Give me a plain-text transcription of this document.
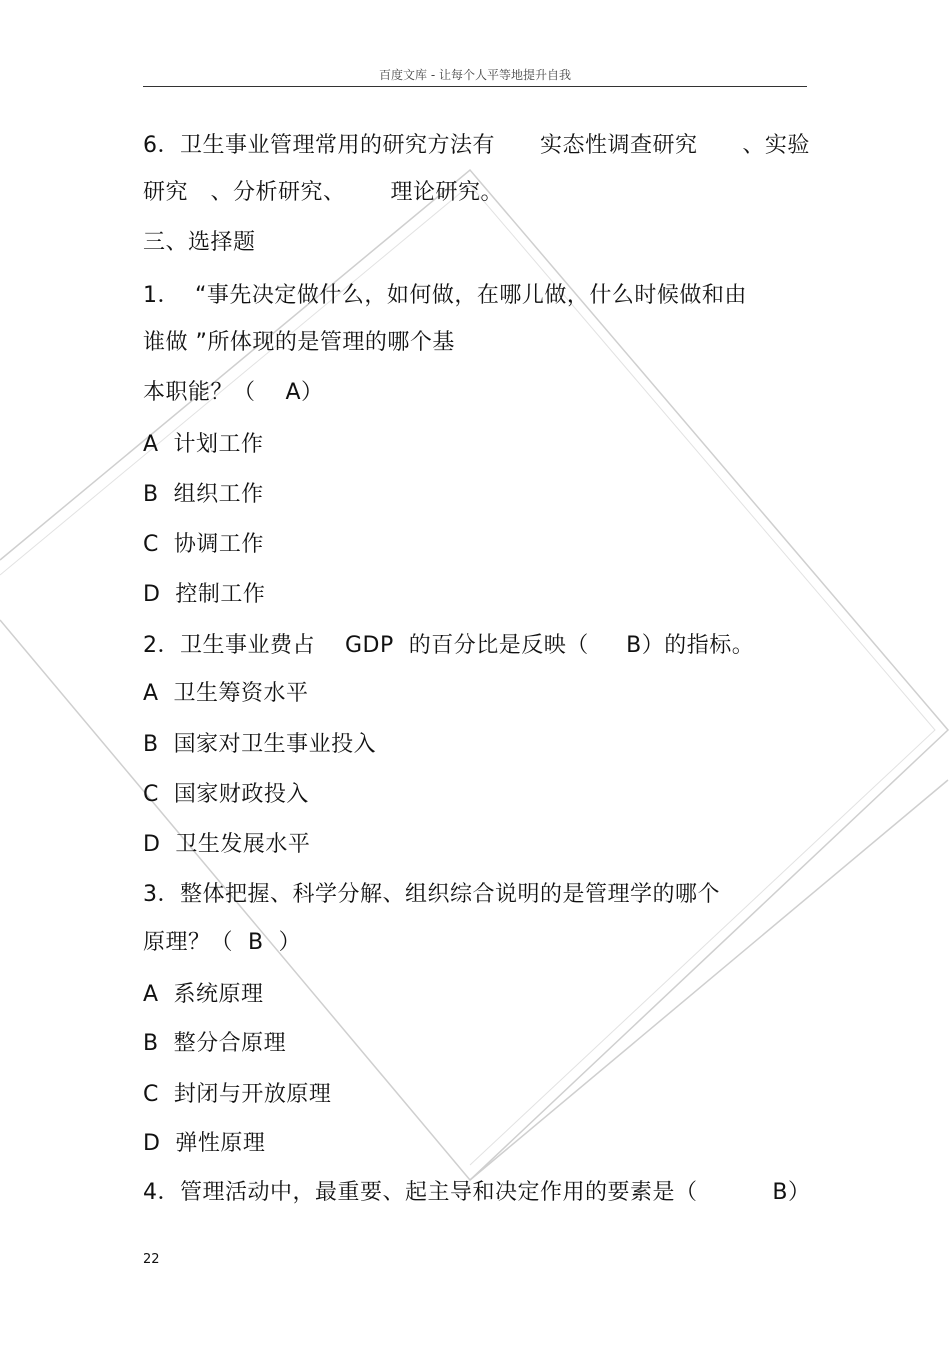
百度文库 - 让每个人平等地提升自我
6．卫生事业管理常用的研究方法有      实态性调查研究      、实验
研究   、分析研究、      理论研究。
三、选择题
1．  “事先决定做什么，如何做，在哪儿做，什么时候做和由
谁做 ”所体现的是管理的哪个基
本职能？（    A）
A  计划工作
B  组织工作
C  协调工作
D  控制工作
2．卫生事业费占    GDP  的百分比是反映（     B）的指标。
A  卫生筹资水平
B  国家对卫生事业投入
C  国家财政投入
D  卫生发展水平
3．整体把握、科学分解、组织综合说明的是管理学的哪个
原理？（  B  ）
A  系统原理
B  整分合原理
C  封闭与开放原理
D  弹性原理
4．管理活动中，最重要、起主导和决定作用的要素是（          B）
22
